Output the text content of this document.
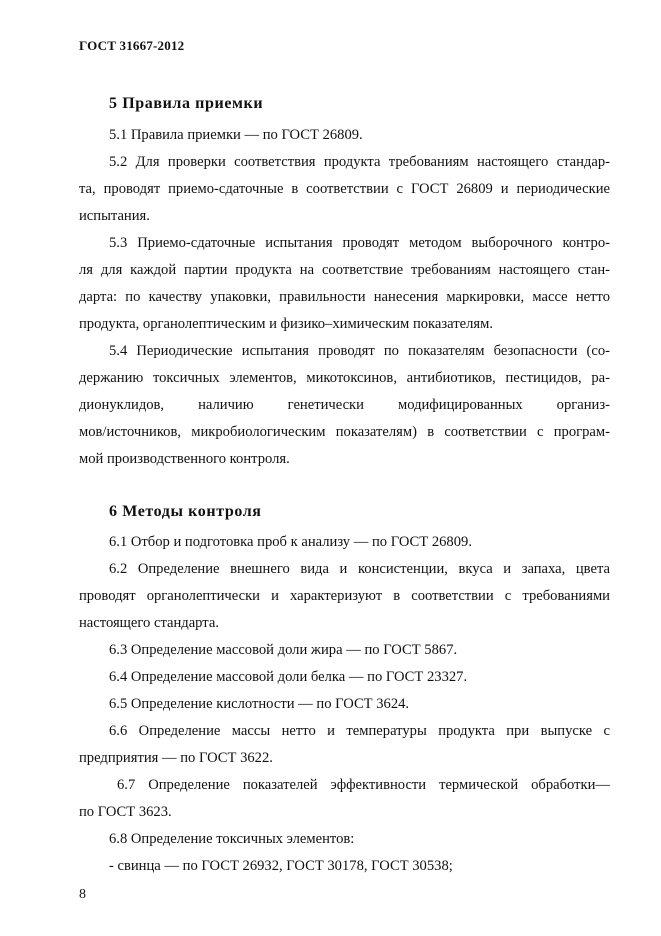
ГОСТ 31667-2012
5 Правила приемки
5.1 Правила приемки — по ГОСТ 26809.
5.2 Для проверки соответствия продукта требованиям настоящего стандар-
та, проводят приемо-сдаточные в соответствии с ГОСТ 26809 и периодические
испытания.
5.3 Приемо-сдаточные испытания проводят методом выборочного контро-
ля для каждой партии продукта на соответствие требованиям настоящего стан-
дарта: по качеству упаковки, правильности нанесения маркировки, массе нетто
продукта, органолептическим и физико–химическим показателям.
5.4 Периодические испытания проводят по показателям безопасности (со-
держанию токсичных элементов, микотоксинов, антибиотиков, пестицидов, ра-
дионуклидов, наличию генетически модифицированных организ-
мов/источников, микробиологическим показателям) в соответствии с програм-
мой производственного контроля.
6 Методы контроля
6.1 Отбор и подготовка проб к анализу — по ГОСТ 26809.
6.2 Определение внешнего вида и консистенции, вкуса и запаха, цвета
проводят органолептически и характеризуют в соответствии с требованиями
настоящего стандарта.
6.3 Определение массовой доли жира — по ГОСТ 5867.
6.4 Определение массовой доли белка — по ГОСТ 23327.
6.5 Определение кислотности — по ГОСТ 3624.
6.6 Определение массы нетто и температуры продукта при выпуске с
предприятия — по ГОСТ 3622.
6.7 Определение показателей эффективности термической обработки—
по ГОСТ 3623.
6.8 Определение токсичных элементов:
- свинца — по ГОСТ 26932, ГОСТ 30178, ГОСТ 30538;
8
